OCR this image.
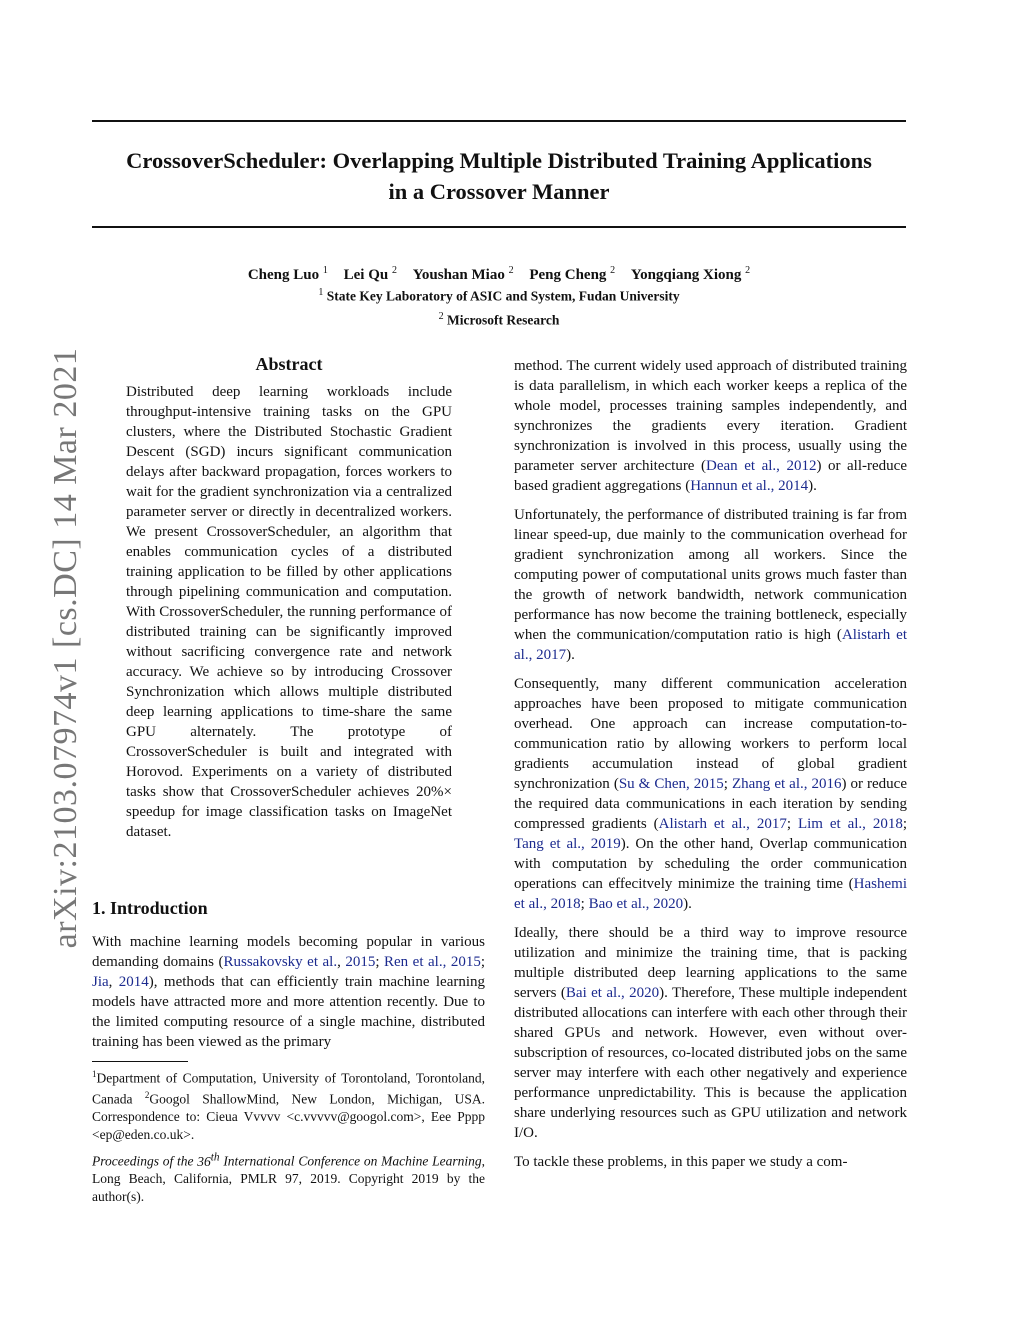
arXiv:2103.07974v1 [cs.DC] 14 Mar 2021
CrossoverScheduler: Overlapping Multiple Distributed Training Applications
in a Crossover Manner
Cheng Luo $^1$ Lei Qu $^2$ Youshan Miao $^2$ Peng Cheng $^2$ Yongqiang Xiong $^2$
$^1$ State Key Laboratory of ASIC and System, Fudan University
$^2$ Microsoft Research
Abstract
Distributed deep learning workloads include throughput-intensive training tasks on the GPU clusters, where the Distributed Stochastic Gradient Descent (SGD) incurs significant communication delays after backward propagation, forces workers to wait for the gradient synchronization via a centralized parameter server or directly in decentralized workers. We present CrossoverScheduler, an algorithm that enables communication cycles of a distributed training application to be filled by other applications through pipelining communication and computation. With CrossoverScheduler, the running performance of distributed training can be significantly improved without sacrificing convergence rate and network accuracy. We achieve so by introducing Crossover Synchronization which allows multiple distributed deep learning applications to time-share the same GPU alternately. The prototype of CrossoverScheduler is built and integrated with Horovod. Experiments on a variety of distributed tasks show that CrossoverScheduler achieves 20%× speedup for image classification tasks on ImageNet dataset.
1. Introduction
With machine learning models becoming popular in various demanding domains (Russakovsky et al., 2015; Ren et al., 2015; Jia, 2014), methods that can efficiently train machine learning models have attracted more and more attention recently. Due to the limited computing resource of a single machine, distributed training has been viewed as the primary
$^1$Department of Computation, University of Torontoland, Torontoland, Canada $^2$Googol ShallowMind, New London, Michigan, USA. Correspondence to: Cieua Vvvvv <c.vvvvv@googol.com>, Eee Pppp <ep@eden.co.uk>.
Proceedings of the 36th International Conference on Machine Learning, Long Beach, California, PMLR 97, 2019. Copyright 2019 by the author(s).

method. The current widely used approach of distributed training is data parallelism, in which each worker keeps a replica of the whole model, processes training samples independently, and synchronizes the gradients every iteration. Gradient synchronization is involved in this process, usually using the parameter server architecture (Dean et al., 2012) or all-reduce based gradient aggregations (Hannun et al., 2014).

Unfortunately, the performance of distributed training is far from linear speed-up, due mainly to the communication overhead for gradient synchronization among all workers. Since the computing power of computational units grows much faster than the growth of network bandwidth, network communication performance has now become the training bottleneck, especially when the communication/computation ratio is high (Alistarh et al., 2017).

Consequently, many different communication acceleration approaches have been proposed to mitigate communication overhead. One approach can increase computation-to-communication ratio by allowing workers to perform local gradients accumulation instead of global gradient synchronization (Su & Chen, 2015; Zhang et al., 2016) or reduce the required data communications in each iteration by sending compressed gradients (Alistarh et al., 2017; Lim et al., 2018; Tang et al., 2019). On the other hand, Overlap communication with computation by scheduling the order communication operations can effecitvely minimize the training time (Hashemi et al., 2018; Bao et al., 2020).

Ideally, there should be a third way to improve resource utilization and minimize the training time, that is packing multiple distributed deep learning applications to the same servers (Bai et al., 2020). Therefore, These multiple independent distributed allocations can interfere with each other through their shared GPUs and network. However, even without over-subscription of resources, co-located distributed jobs on the same server may interfere with each other negatively and experience performance unpredictability. This is because the application share underlying resources such as GPU utilization and network I/O.

To tackle these problems, in this paper we study a com-
